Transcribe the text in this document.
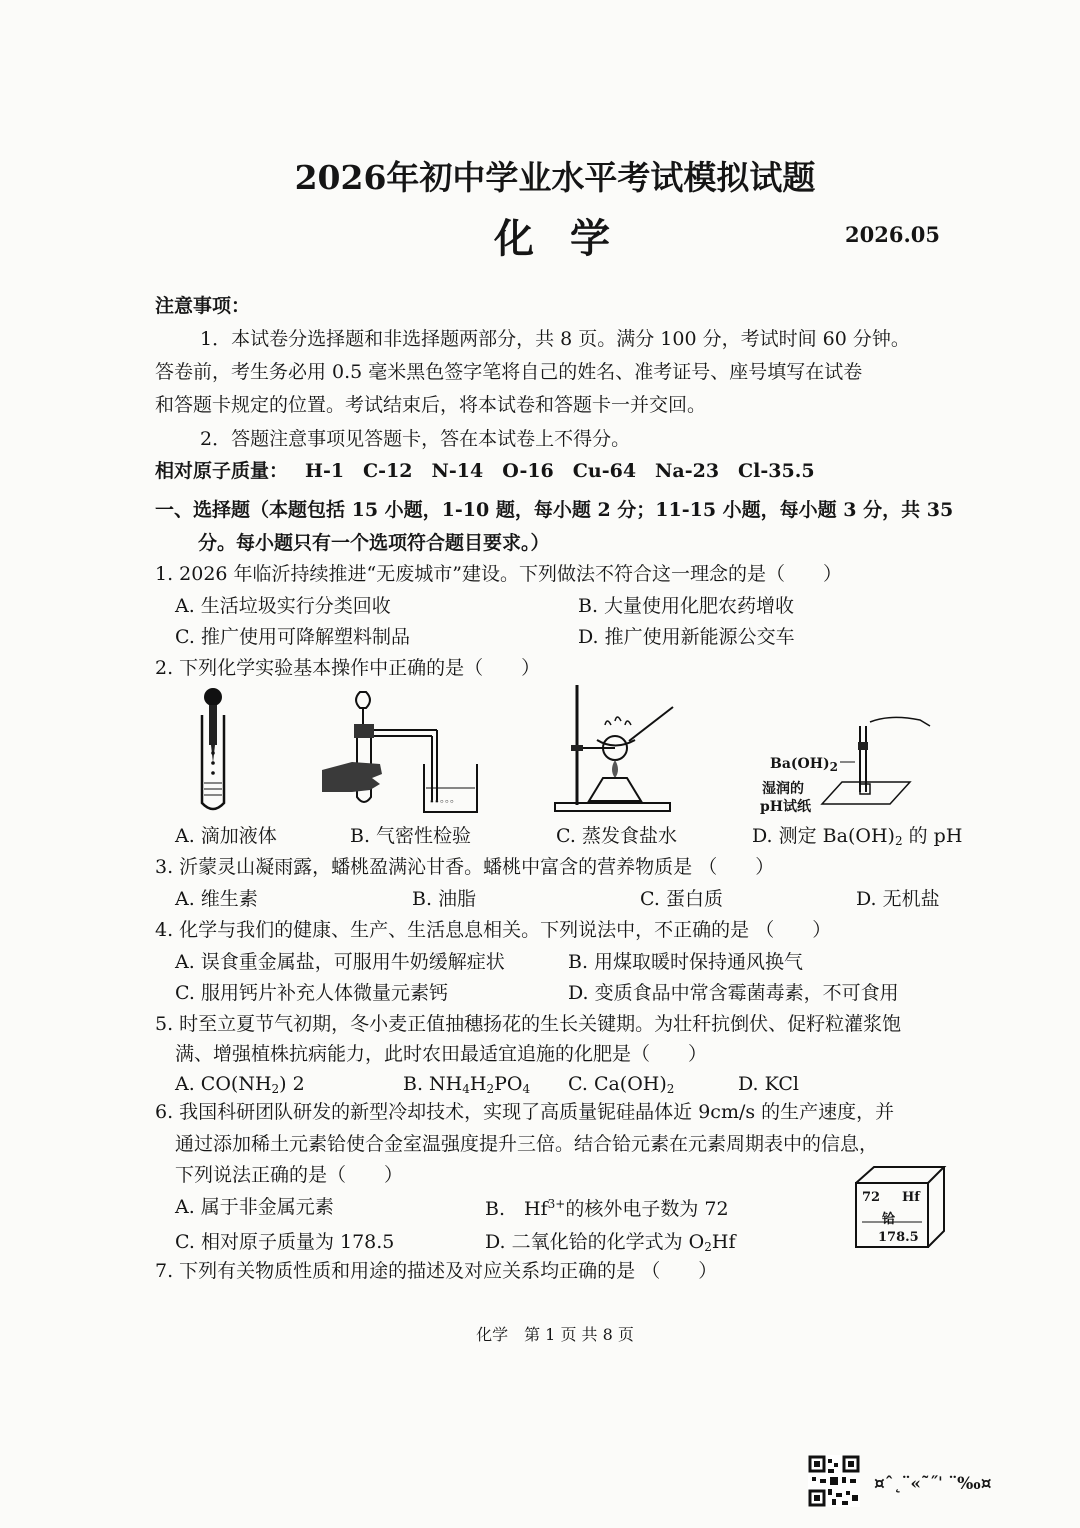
2026年初中学业水平考试模拟试题
化学	2026.05
注意事项：
1．本试卷分选择题和非选择题两部分，共 8 页。满分 100 分，考试时间 60 分钟。
答卷前，考生务必用 0.5 毫米黑色签字笔将自己的姓名、准考证号、座号填写在试卷
和答题卡规定的位置。考试结束后，将本试卷和答题卡一并交回。
2．答题注意事项见答题卡，答在本试卷上不得分。
相对原子质量： H-1　C-12　N-14　O-16　Cu-64　Na-23　Cl-35.5
一、选择题（本题包括 15 小题，1-10 题，每小题 2 分；11-15 小题，每小题 3 分，共 35
分。每小题只有一个选项符合题目要求。）
1. 2026 年临沂持续推进“无废城市”建设。下列做法不符合这一理念的是（　　）
A. 生活垃圾实行分类回收	B. 大量使用化肥农药增收
C. 推广使用可降解塑料制品	D. 推广使用新能源公交车
2. 下列化学实验基本操作中正确的是（　　）
。。。。。
$Ba(OH)_2$
湿润的
pH试纸
A. 滴加液体	B. 气密性检验	C. 蒸发食盐水	D. 测定 $Ba(OH)_2$ 的 pH
3. 沂蒙灵山凝雨露，蟠桃盈满沁甘香。蟠桃中富含的营养物质是 （　　）
A. 维生素	B. 油脂	C. 蛋白质	D. 无机盐
4. 化学与我们的健康、生产、生活息息相关。下列说法中，不正确的是 （　　）
A. 误食重金属盐，可服用牛奶缓解症状	B. 用煤取暖时保持通风换气
C. 服用钙片补充人体微量元素钙	D. 变质食品中常含霉菌毒素，不可食用
5. 时至立夏节气初期，冬小麦正值抽穗扬花的生长关键期。为壮秆抗倒伏、促籽粒灌浆饱
满、增强植株抗病能力，此时农田最适宜追施的化肥是（　　）
A. $CO(NH_2)$ 2	B. $NH_4H_2PO_4$ C. $Ca(OH)_2$	D. KCl
6. 我国科研团队研发的新型冷却技术，实现了高质量铌硅晶体近 9cm/s 的生产速度，并
通过添加稀土元素铪使合金室温强度提升三倍。结合铪元素在元素周期表中的信息，
下列说法正确的是（　　）
A. 属于非金属元素	B.　$Hf^{3+}$的核外电子数为 72
C. 相对原子质量为 178.5	D. 二氧化铪的化学式为 $O_2Hf$
72 Hf
铪
178.5
7. 下列有关物质性质和用途的描述及对应关系均正确的是 （　　）
化学　第 1 页 共 8 页
¤ˆ˛¨«˜˝ˈ ¨‰¤
